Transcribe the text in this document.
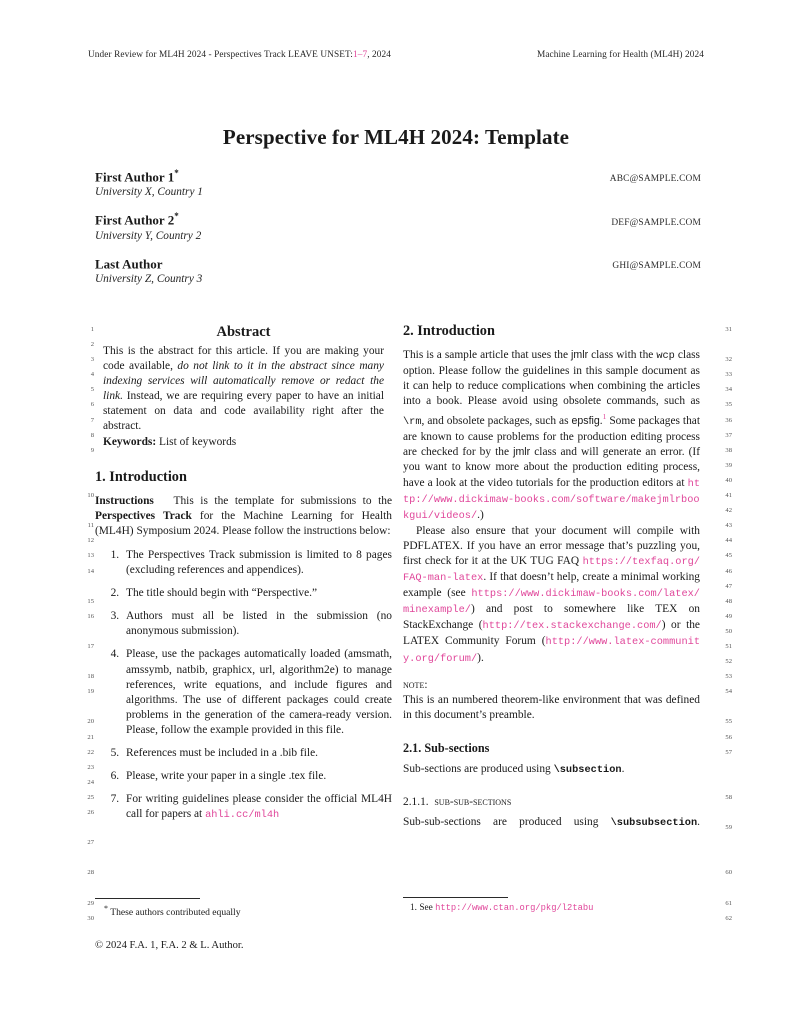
Under Review for ML4H 2024 - Perspectives Track LEAVE UNSET:1–7, 2024	Machine Learning for Health (ML4H) 2024
Perspective for ML4H 2024: Template
First Author 1*
ABC@SAMPLE.COM
University X, Country 1
First Author 2*
DEF@SAMPLE.COM
University Y, Country 2
Last Author	GHI@SAMPLE.COM
University Z, Country 3
1
2
3
4
5
6
7
8
9
10
11
12
13
14
15
16
17
18
19
20
21
22
23
24
25
26
27
28
29
30
31
32
33
34
35
36
37
38
39
40
41
42
43
44
45
46
47
48
49
50
51
52
53
54
55
56
57
58
59
60
61
62
Abstract

This is the abstract for this article. If you are making your code available, do not link to it in the abstract since many indexing services will automatically remove or redact the link. Instead, we are requiring every paper to have an initial statement on data and code availability right after the abstract.

Keywords: List of keywords

1. Introduction

Instructions This is the template for submissions to the Perspectives Track for the Machine Learning for Health (ML4H) Symposium 2024. Please follow the instructions below:

1. The Perspectives Track submission is limited to 8 pages (excluding references and appendices).
2. The title should begin with “Perspective.”
3. Authors must all be listed in the submission (no anonymous submission).
4. Please, use the packages automatically loaded (amsmath, amssymb, natbib, graphicx, url, algorithm2e) to manage references, write equations, and include figures and algorithms. The use of different packages could create problems in the generation of the camera-ready version. Please, follow the example provided in this file.
5. References must be included in a .bib file.
6. Please, write your paper in a single .tex file.
7. For writing guidelines please consider the official ML4H call for papers at ahli.cc/ml4h
2. Introduction

This is a sample article that uses the jmlr class with the wcp class option. Please follow the guidelines in this sample document as it can help to reduce complications when combining the articles into a book. Please avoid using obsolete commands, such as \rm, and obsolete packages, such as epsfig.$^1$ Some packages that are known to cause problems for the production editing process are checked for by the jmlr class and will generate an error. (If you want to know more about the production editing process, have a look at the video tutorials for the production editors at http://www.dickimaw-books.com/software/makejmlrbookgui/videos/.)

Please also ensure that your document will compile with PDFLATEX. If you have an error message that’s puzzling you, first check for it at the UK TUG FAQ https://texfaq.org/FAQ-man-latex. If that doesn’t help, create a minimal working example (see https://www.dickimaw-books.com/latex/minexample/) and post to somewhere like TEX on StackExchange (http://tex.stackexchange.com/) or the LATEX Community Forum (http://www.latex-community.org/forum/).

note:

This is an numbered theorem-like environment that was defined in this document’s preamble.

2.1. Sub-sections

Sub-sections are produced using \subsection.

2.1.1. sub-sub-sections

Sub-sub-sections are produced using \subsubsection.

* These authors contributed equally	1. See http://www.ctan.org/pkg/l2tabu
© 2024 F.A. 1, F.A. 2 & L. Author.
